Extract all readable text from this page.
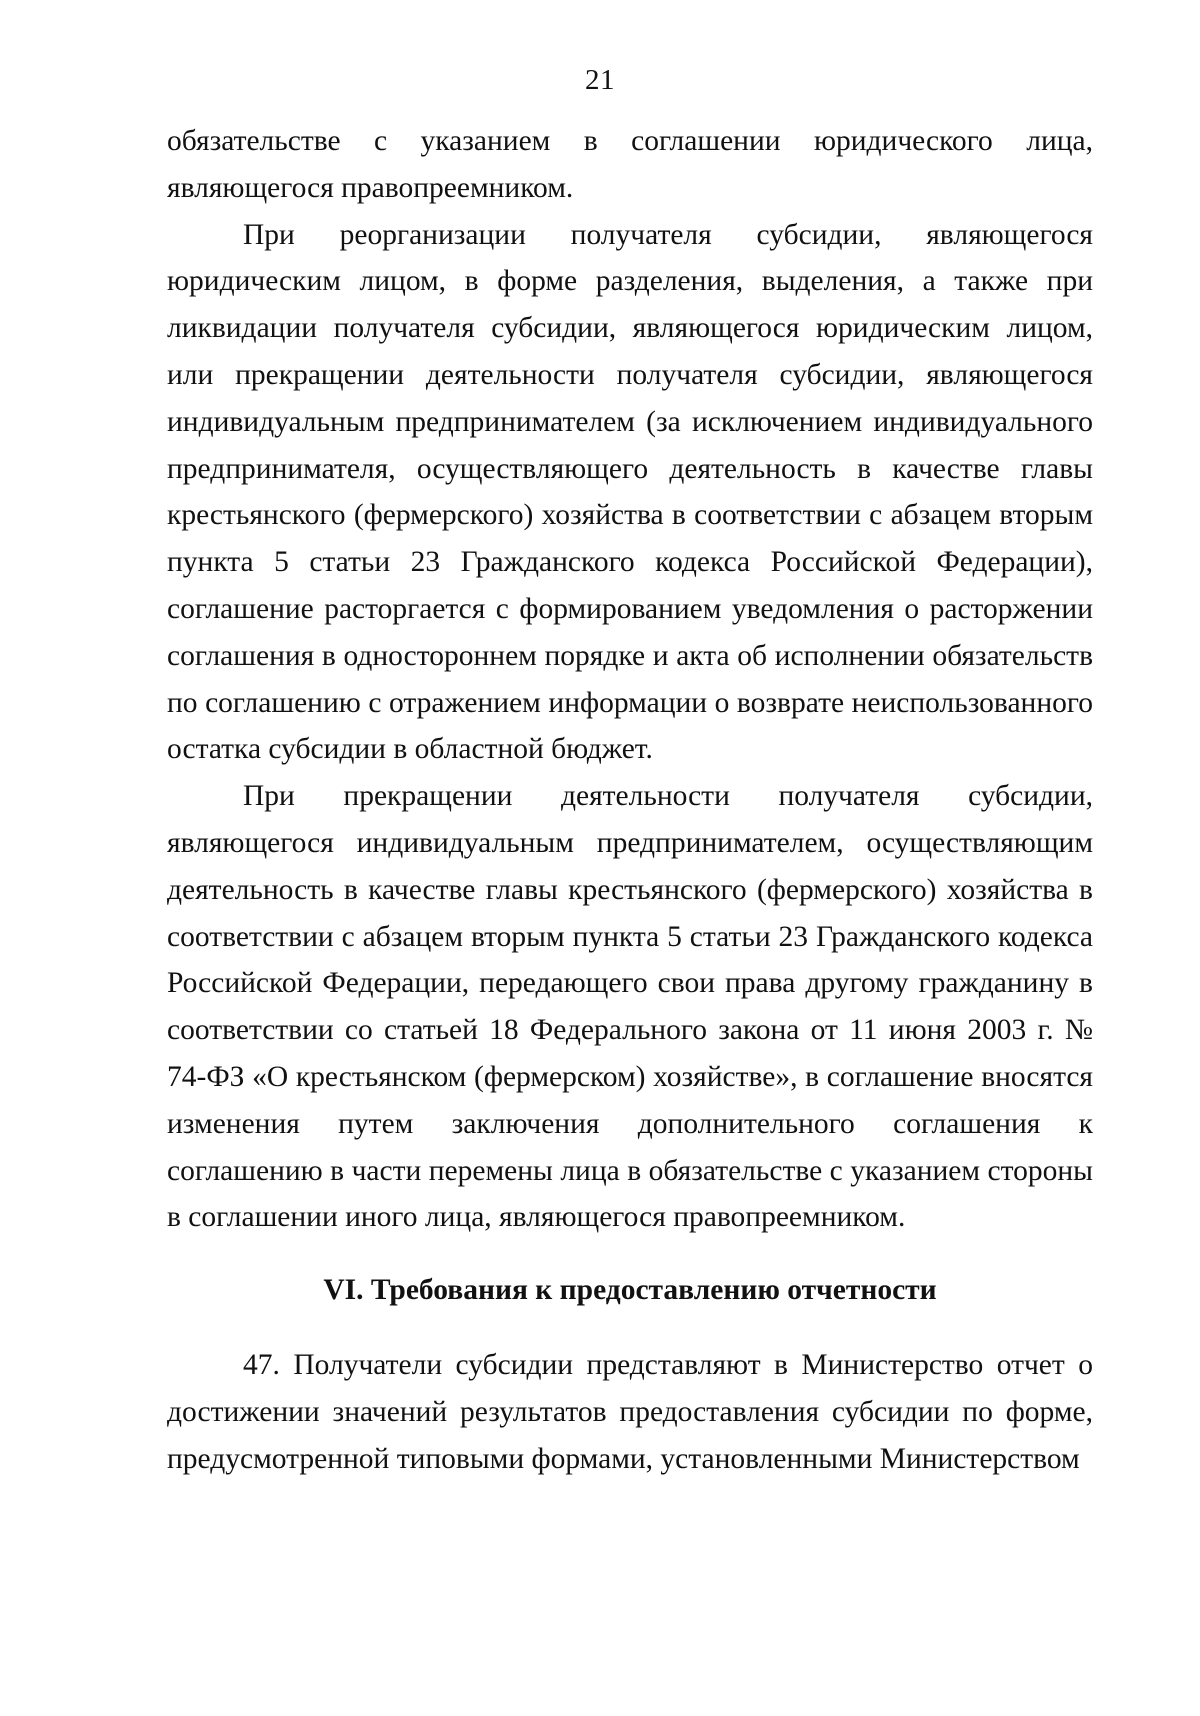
21

обязательстве с указанием в соглашении юридического лица, являющегося правопреемником.

При реорганизации получателя субсидии, являющегося юридическим лицом, в форме разделения, выделения, а также при ликвидации получателя субсидии, являющегося юридическим лицом, или прекращении деятельности получателя субсидии, являющегося индивидуальным предпринимателем (за исключением индивидуального предпринимателя, осуществляющего деятельность в качестве главы крестьянского (фермерского) хозяйства в соответствии с абзацем вторым пункта 5 статьи 23 Гражданского кодекса Российской Федерации), соглашение расторгается с формированием уведомления о расторжении соглашения в одностороннем порядке и акта об исполнении обязательств по соглашению с отражением информации о возврате неиспользованного остатка субсидии в областной бюджет.

При прекращении деятельности получателя субсидии, являющегося индивидуальным предпринимателем, осуществляющим деятельность в качестве главы крестьянского (фермерского) хозяйства в соответствии с абзацем вторым пункта 5 статьи 23 Гражданского кодекса Российской Федерации, передающего свои права другому гражданину в соответствии со статьей 18 Федерального закона от 11 июня 2003 г. № 74-ФЗ «О крестьянском (фермерском) хозяйстве», в соглашение вносятся изменения путем заключения дополнительного соглашения к соглашению в части перемены лица в обязательстве с указанием стороны в соглашении иного лица, являющегося правопреемником.

VI. Требования к предоставлению отчетности

47. Получатели субсидии представляют в Министерство отчет о достижении значений результатов предоставления субсидии по форме, предусмотренной типовыми формами, установленными Министерством
